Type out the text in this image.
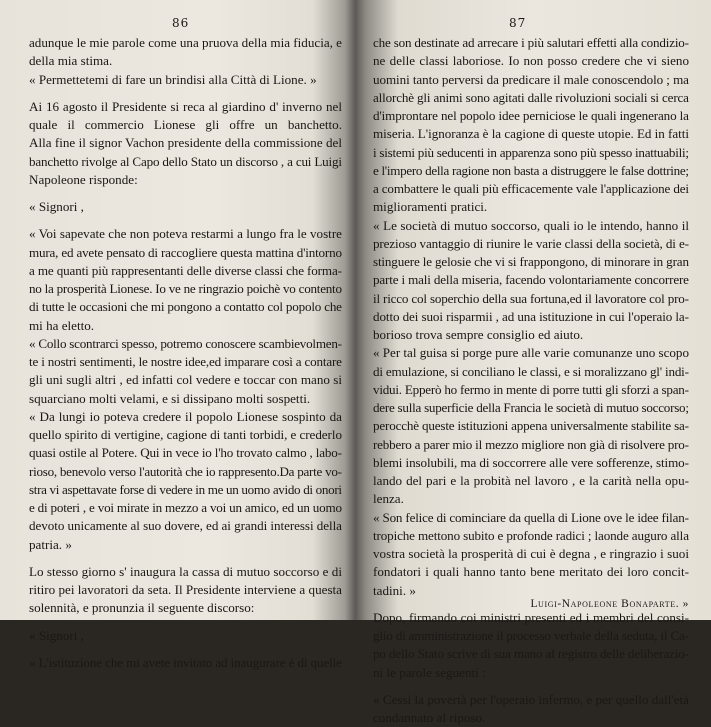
86
adunque le mie parole come una pruova della mia fiducia, e
della mia stima.
« Permettetemi di fare un brindisi alla Città di Lione. »
Ai 16 agosto il Presidente si reca al giardino d' inverno nel
quale il commercio Lionese gli offre un banchetto.
Alla fine il signor Vachon presidente della commissione del
banchetto rivolge al Capo dello Stato un discorso , a cui Luigi
Napoleone risponde:
« Signori ,
« Voi sapevate che non poteva restarmi a lungo fra le vostre
mura, ed avete pensato di raccogliere questa mattina d'intorno
a me quanti più rappresentanti delle diverse classi che forma-
no la prosperità Lionese. Io ve ne ringrazio poichè vo contento
di tutte le occasioni che mi pongono a contatto col popolo che
mi ha eletto.
« Collo scontrarci spesso, potremo conoscere scambievolmen-
te i nostri sentimenti, le nostre idee,ed imparare così a contare
gli uni sugli altri , ed infatti col vedere e toccar con mano si
squarciano molti velami, e si dissipano molti sospetti.
« Da lungi io poteva credere il popolo Lionese sospinto da
quello spirito di vertigine, cagione di tanti torbidi, e crederlo
quasi ostile al Potere. Qui in vece io l'ho trovato calmo , labo-
rioso, benevolo verso l'autorità che io rappresento.Da parte vo-
stra vi aspettavate forse di vedere in me un uomo avido di onori
e di poteri , e voi mirate in mezzo a voi un amico, ed un uomo
devoto unicamente al suo dovere, ed ai grandi interessi della
patria. »
Lo stesso giorno s' inaugura la cassa di mutuo soccorso e di
ritiro pei lavoratori da seta. Il Presidente interviene a questa
solennità, e pronunzia il seguente discorso:
« Signori ,
« L'istituzione che mi avete invitato ad inaugurare è di quelle
87
che son destinate ad arrecare i più salutari effetti alla condizio-
ne delle classi laboriose. Io non posso credere che vi sieno
uomini tanto perversi da predicare il male conoscendolo ; ma
allorchè gli animi sono agitati dalle rivoluzioni sociali si cerca
d'improntare nel popolo idee perniciose le quali ingenerano la
miseria. L'ignoranza è la cagione di queste utopie. Ed in fatti
i sistemi più seducenti in apparenza sono più spesso inattuabili;
e l'impero della ragione non basta a distruggere le false dottrine;
a combattere le quali più efficacemente vale l'applicazione dei
miglioramenti pratici.
« Le società di mutuo soccorso, quali io le intendo, hanno il
prezioso vantaggio di riunire le varie classi della società, di e-
stinguere le gelosie che vi si frappongono, di minorare in gran
parte i mali della miseria, facendo volontariamente concorrere
il ricco col soperchio della sua fortuna,ed il lavoratore col pro-
dotto dei suoi risparmii , ad una istituzione in cui l'operaio la-
borioso trova sempre consiglio ed aiuto.
« Per tal guisa si porge pure alle varie comunanze uno scopo
di emulazione, si conciliano le classi, e si moralizzano gl' indi-
vidui. Epperò ho fermo in mente di porre tutti gli sforzi a span-
dere sulla superficie della Francia le società di mutuo soccorso;
perocchè queste istituzioni appena universalmente stabilite sa-
rebbero a parer mio il mezzo migliore non già di risolvere pro-
blemi insolubili, ma di soccorrere alle vere sofferenze, stimo-
lando del pari e la probità nel lavoro , e la carità nella opu-
lenza.
« Son felice di cominciare da quella di Lione ove le idee filan-
tropiche mettono subito e profonde radici ; laonde auguro alla
vostra società la prosperità di cui è degna , e ringrazio i suoi
fondatori i quali hanno tanto bene meritato dei loro concit-
tadini. »
Dopo, firmando coi ministri presenti ed i membri del consi-
glio di amministrazione il processo verbale della seduta, il Ca-
po dello Stato scrive di sua mano al registro delle deliberazio-
ni le parole seguenti :
« Cessi la povertà per l'operaio infermo, e per quello dall'età
condannato al riposo.
Luigi-Napoleone Bonaparte. »
